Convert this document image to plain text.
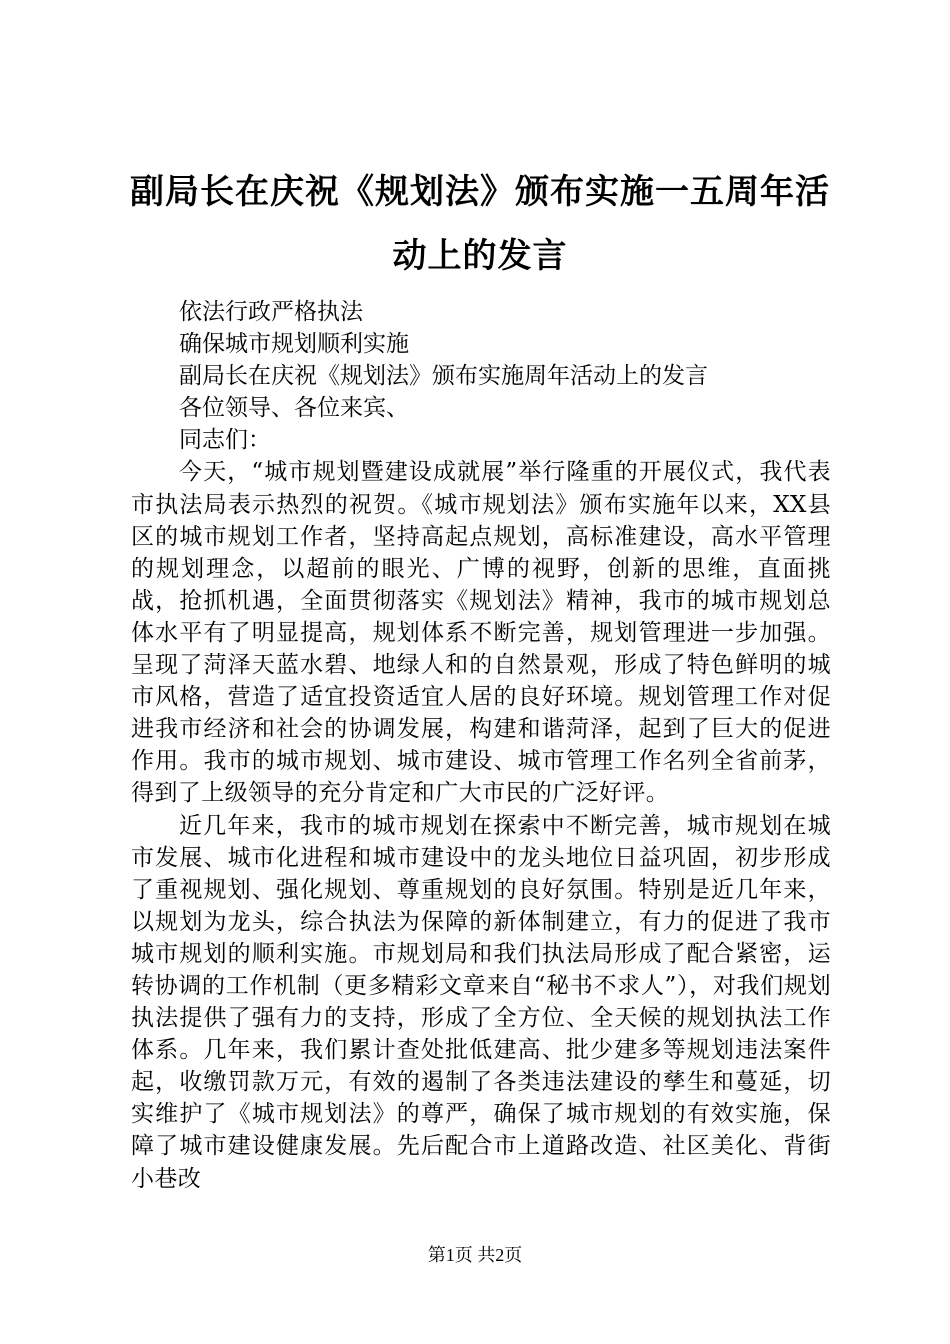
副局长在庆祝《规划法》颁布实施一五周年活动上的发言

依法行政严格执法

确保城市规划顺利实施

副局长在庆祝《规划法》颁布实施周年活动上的发言

各位领导、各位来宾、

同志们：

今天，“城市规划暨建设成就展”举行隆重的开展仪式，我代表市执法局表示热烈的祝贺。《城市规划法》颁布实施年以来，XX县区的城市规划工作者，坚持高起点规划，高标准建设，高水平管理的规划理念，以超前的眼光、广博的视野，创新的思维，直面挑战，抢抓机遇，全面贯彻落实《规划法》精神，我市的城市规划总体水平有了明显提高，规划体系不断完善，规划管理进一步加强。呈现了菏泽天蓝水碧、地绿人和的自然景观，形成了特色鲜明的城市风格，营造了适宜投资适宜人居的良好环境。规划管理工作对促进我市经济和社会的协调发展，构建和谐菏泽，起到了巨大的促进作用。我市的城市规划、城市建设、城市管理工作名列全省前茅，得到了上级领导的充分肯定和广大市民的广泛好评。

近几年来，我市的城市规划在探索中不断完善，城市规划在城市发展、城市化进程和城市建设中的龙头地位日益巩固，初步形成了重视规划、强化规划、尊重规划的良好氛围。特别是近几年来，以规划为龙头，综合执法为保障的新体制建立，有力的促进了我市城市规划的顺利实施。市规划局和我们执法局形成了配合紧密，运转协调的工作机制（更多精彩文章来自“秘书不求人”），对我们规划执法提供了强有力的支持，形成了全方位、全天候的规划执法工作体系。几年来，我们累计查处批低建高、批少建多等规划违法案件起，收缴罚款万元，有效的遏制了各类违法建设的孳生和蔓延，切实维护了《城市规划法》的尊严，确保了城市规划的有效实施，保障了城市建设健康发展。先后配合市上道路改造、社区美化、背街小巷改

第1页 共2页
